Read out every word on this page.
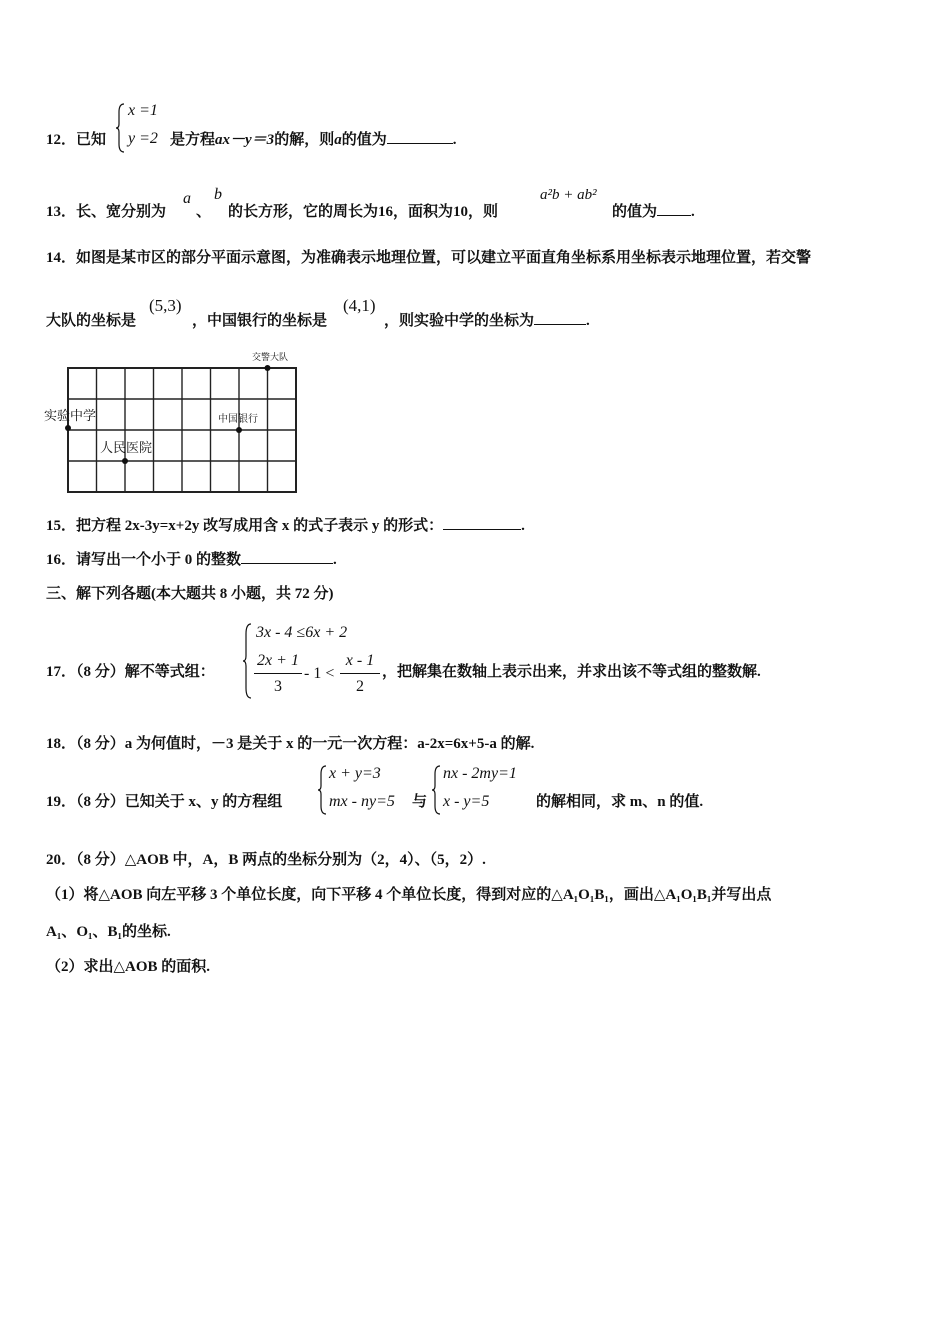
12．已知
x =1
y =2 是方程ax－y＝3的解，则a的值为	.
13．长、宽分别为
a
、
b
的长方形，它的周长为16，面积为10，则
a²b + ab²
的值为 .
14．如图是某市区的部分平面示意图，为准确表示地理位置，可以建立平面直角坐标系用坐标表示地理位置，若交警
大队的坐标是
(5,3)
，中国银行的坐标是
(4,1)
，则实验中学的坐标为	.
交警大队
实验中学	中国银行
人民医院
15．把方程 2x-3y=x+2y 改写成用含 x 的式子表示 y 的形式：	.
16．请写出一个小于 0 的整数	.
三、解下列各题(本大题共 8 小题，共 72 分)
17．（8 分）解不等式组：
3x - 4 ≤6x + 2
2x + 1
3
- 1 <
x - 1
2
，把解集在数轴上表示出来，并求出该不等式组的整数解.
18．（8 分）a 为何值时，－3 是关于 x 的一元一次方程：a-2x=6x+5-a 的解.
19．（8 分）已知关于 x、y 的方程组
x + y=3
mx - ny=5 与
nx - 2my=1
x - y=5	的解相同，求 m、n 的值.
20．（8 分）△AOB 中，A，B 两点的坐标分别为（2，4）、（5，2）.
（1）将△AOB 向左平移 3 个单位长度，向下平移 4 个单位长度，得到对应的△A₁O₁B₁，画出△A₁O₁B₁并写出点
A₁、O₁、B₁的坐标.
（2）求出△AOB 的面积.
